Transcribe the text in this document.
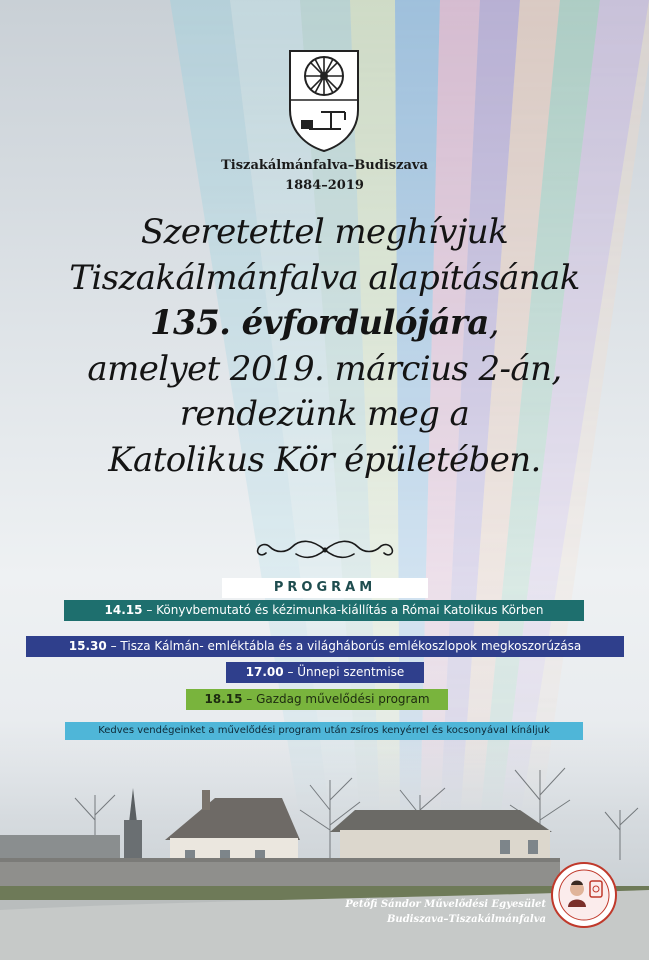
Tiszakálmánfalva–Budiszava
1884–2019
Szeretettel meghívjuk
Tiszakálmánfalva alapításának
135. évfordulójára,
amelyet 2019. március 2-án,
rendezünk meg a
Katolikus Kör épületében.
PROGRAM
14.15 – Könyvbemutató és kézimunka-kiállítás a Római Katolikus Körben
15.30 – Tisza Kálmán- emléktábla és a világháborús emlékoszlopok megkoszorúzása
17.00 – Ünnepi szentmise
18.15 – Gazdag művelődési program
Kedves vendégeinket a művelődési program után zsíros kenyérrel és kocsonyával kínáljuk
Petőfi Sándor Művelődési Egyesület
Budiszava–Tiszakálmánfalva
